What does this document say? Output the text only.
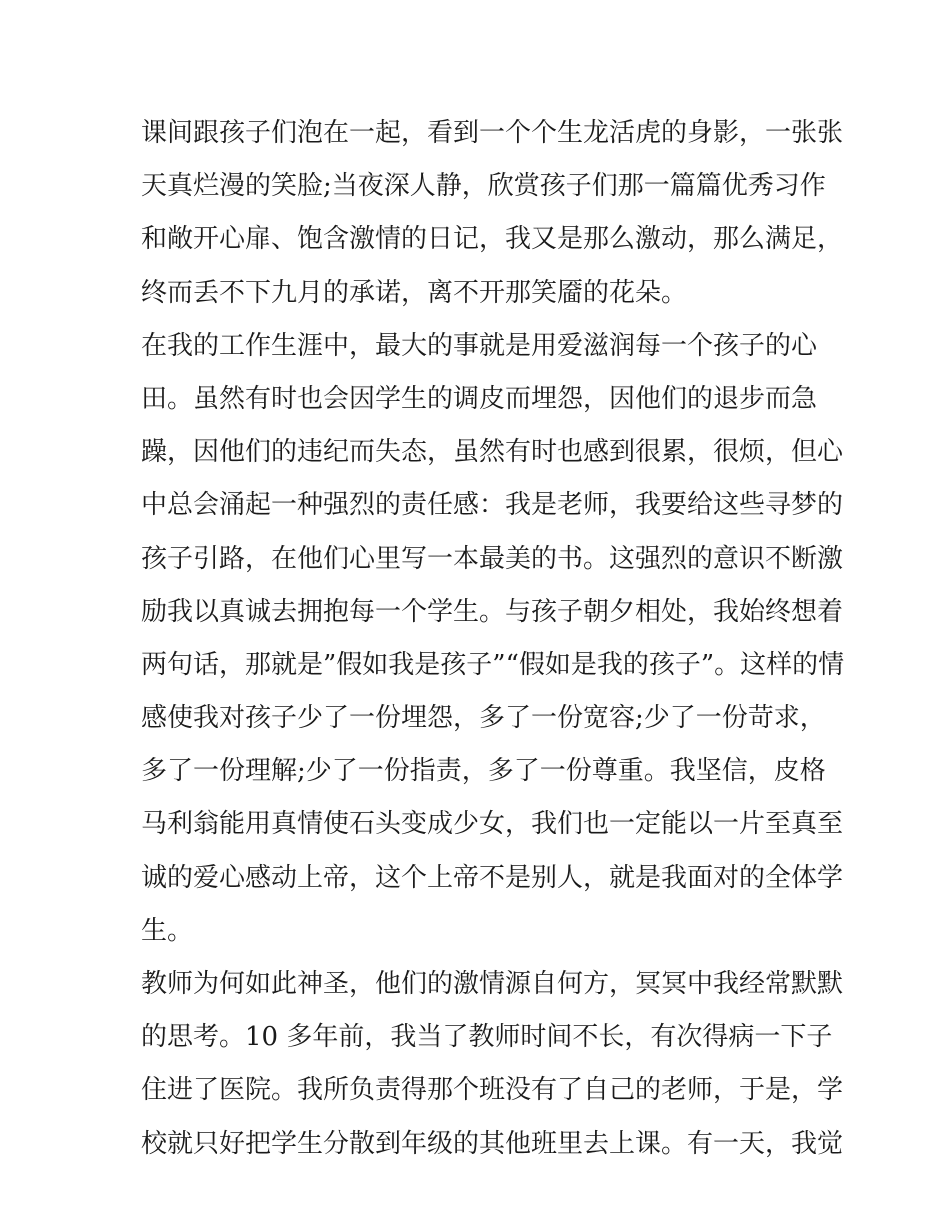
课间跟孩子们泡在一起，看到一个个生龙活虎的身影，一张张
天真烂漫的笑脸;当夜深人静，欣赏孩子们那一篇篇优秀习作
和敞开心扉、饱含激情的日记，我又是那么激动，那么满足，
终而丢不下九月的承诺，离不开那笑靥的花朵。
在我的工作生涯中，最大的事就是用爱滋润每一个孩子的心
田。虽然有时也会因学生的调皮而埋怨，因他们的退步而急
躁，因他们的违纪而失态，虽然有时也感到很累，很烦，但心
中总会涌起一种强烈的责任感：我是老师，我要给这些寻梦的
孩子引路，在他们心里写一本最美的书。这强烈的意识不断激
励我以真诚去拥抱每一个学生。与孩子朝夕相处，我始终想着
两句话，那就是”假如我是孩子”“假如是我的孩子”。这样的情
感使我对孩子少了一份埋怨，多了一份宽容;少了一份苛求，
多了一份理解;少了一份指责，多了一份尊重。我坚信，皮格
马利翁能用真情使石头变成少女，我们也一定能以一片至真至
诚的爱心感动上帝，这个上帝不是别人，就是我面对的全体学
生。
教师为何如此神圣，他们的激情源自何方，冥冥中我经常默默
的思考。10 多年前，我当了教师时间不长，有次得病一下子
住进了医院。我所负责得那个班没有了自己的老师，于是，学
校就只好把学生分散到年级的其他班里去上课。有一天，我觉
